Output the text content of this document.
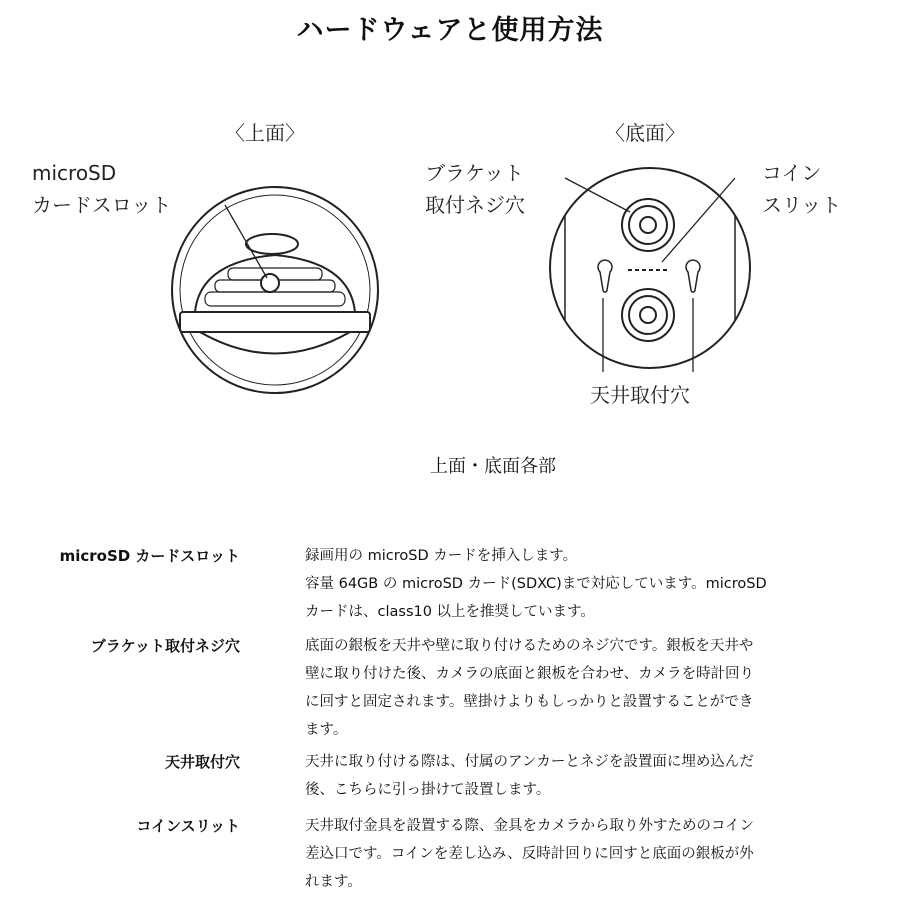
ハードウェアと使用方法
〈上面〉	〈底面〉
microSD
カードスロット
ブラケット
取付ネジ穴
コイン
スリット
天井取付穴
上面・底面各部
microSD カードスロット	録画用の microSD カードを挿入します。
容量 64GB の microSD カード(SDXC)まで対応しています。microSD
カードは、class10 以上を推奨しています。
ブラケット取付ネジ穴	底面の銀板を天井や壁に取り付けるためのネジ穴です。銀板を天井や
壁に取り付けた後、カメラの底面と銀板を合わせ、カメラを時計回り
に回すと固定されます。壁掛けよりもしっかりと設置することができ
ます。
天井取付穴	天井に取り付ける際は、付属のアンカーとネジを設置面に埋め込んだ
後、こちらに引っ掛けて設置します。
コインスリット	天井取付金具を設置する際、金具をカメラから取り外すためのコイン
差込口です。コインを差し込み、反時計回りに回すと底面の銀板が外
れます。
